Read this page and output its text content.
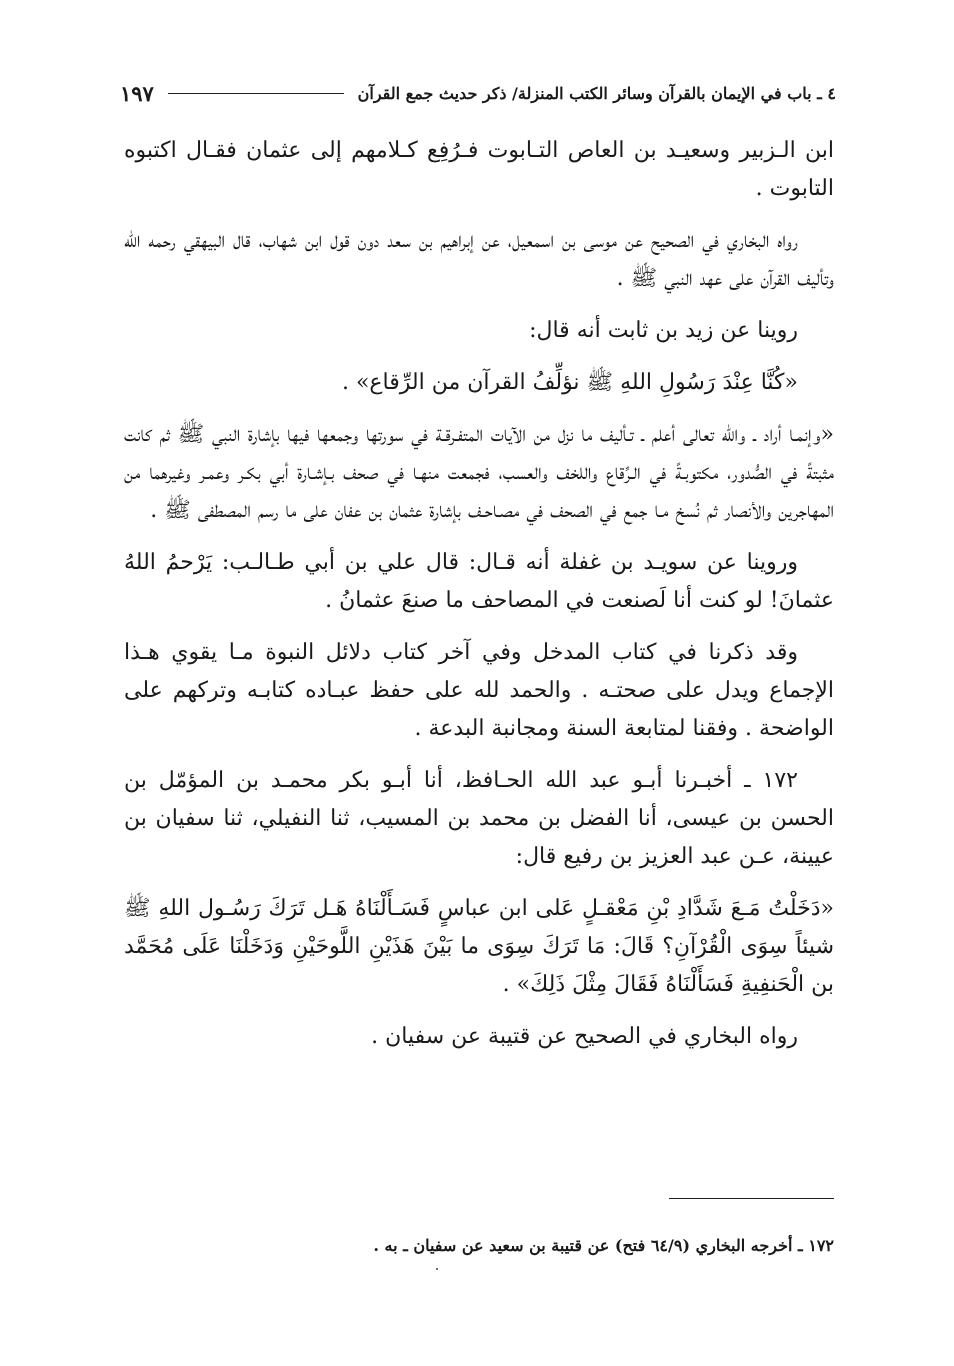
٤ ـ باب في الإيمان بالقرآن وسائر الكتب المنزلة/ ذكر حديث جمع القرآن
١٩٧

ابن الـزبير وسعيـد بن العاص التـابوت فـرُفِع كـلامهم إلى عثمان فقـال اكتبوه التابوت .

رواه البخاري في الصحيح عن موسى بن اسمعيل، عن إبراهيم بن سعد دون قول ابن شهاب، قال البيهقي رحمه الله وتأليف القرآن على عهد النبي ﷺ .

روينا عن زيد بن ثابت أنه قال:

«كُنَّا عِنْدَ رَسُولِ اللهِ ﷺ نؤلِّفُ القرآن من الرِّقاع» .

«وإنمـا أراد ـ والله تعالى أعلم ـ تـأليف ما نزل من الآيات المتفـرقـة في سورتها وجمعها فيها بإشارة النبي ﷺ ثم كانت مثبتةً في الصُّدور، مكتوبـةً في الـرِّقاع واللخف والعسب، فجمعت منهـا في صحف بـإشـارة أبي بكـر وعمـر وغيرهما من المهاجرين والأنصار ثم نُسخ مـا جمع في الصحف في مصـاحـف بإشارة عثمان بن عفان على ما رسم المصطفى ﷺ .

وروينا عن سويـد بن غفلة أنه قـال: قال علي بن أبي طـالـب: يَرْحمُ اللهُ عثمانَ! لو كنت أنا لَصنعت في المصاحف ما صنعَ عثمانُ .

وقد ذكرنا في كتاب المدخل وفي آخر كتاب دلائل النبوة مـا يقوي هـذا الإجماع ويدل على صحتـه . والحمد لله على حفظ عبـاده كتابـه وتركهم على الواضحة . وفقنا لمتابعة السنة ومجانبة البدعة .

١٧٢ ـ أخبـرنا أبـو عبد الله الحـافظ، أنا أبـو بكر محمـد بن المؤمّل بن الحسن بن عيسى، أنا الفضل بن محمد بن المسيب، ثنا النفيلي، ثنا سفيان بن عيينة، عـن عبد العزيز بن رفيع قال:

«دَخَلْتُ مَـعَ شَدَّادِ بْنِ مَعْقـلٍ عَلى ابن عباسٍ فَسَـأَلْنَاهُ هَـل تَرَكَ رَسُـول اللهِ ﷺ شيئاً سِوَى الْقُرْآنِ؟ قَالَ: مَا تَرَكَ سِوَى ما بَيْنَ هَذَيْنِ اللَّوحَيْنِ وَدَخَلْنَا عَلَى مُحَمَّد بن الْحَنفِيةِ فَسَأَلْنَاهُ فَقَالَ مِثْلَ ذَلِكَ» .

رواه البخاري في الصحيح عن قتيبة عن سفيان .

١٧٢ ـ أخرجه البخاري (٦٤/٩ فتح) عن قتيبة بن سعيد عن سفيان ـ به .
